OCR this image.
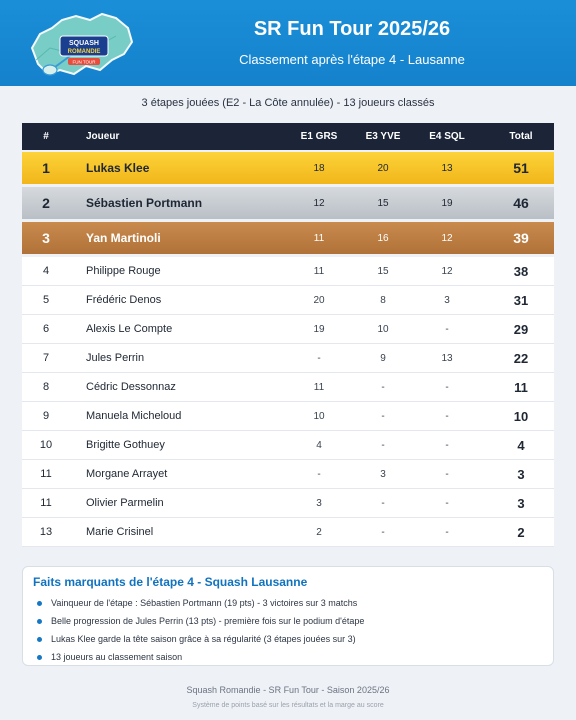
SQUASH
ROMANDIE
FUN TOUR
SR Fun Tour 2025/26
Classement après l'étape 4 - Lausanne
3 étapes jouées (E2 - La Côte annulée) - 13 joueurs classés
#	Joueur	E1 GRS	E3 YVE	E4 SQL	Total
1	Lukas Klee	18	20	13	51
2	Sébastien Portmann	12	15	19	46
3	Yan Martinoli	11	16	12	39
4	Philippe Rouge	11	15	12	38
5	Frédéric Denos	20	8	3	31
6	Alexis Le Compte	19	10	-	29
7	Jules Perrin	-	9	13	22
8	Cédric Dessonnaz	11	-	-	11
9	Manuela Micheloud	10	-	-	10
10	Brigitte Gothuey	4	-	-	4
11	Morgane Arrayet	-	3	-	3
11	Olivier Parmelin	3	-	-	3
13	Marie Crisinel	2	-	-	2
Faits marquants de l'étape 4 - Squash Lausanne
Vainqueur de l'étape : Sébastien Portmann (19 pts) - 3 victoires sur 3 matchs
Belle progression de Jules Perrin (13 pts) - première fois sur le podium d'étape
Lukas Klee garde la tête saison grâce à sa régularité (3 étapes jouées sur 3)
13 joueurs au classement saison
Squash Romandie - SR Fun Tour - Saison 2025/26
Système de points basé sur les résultats et la marge au score
